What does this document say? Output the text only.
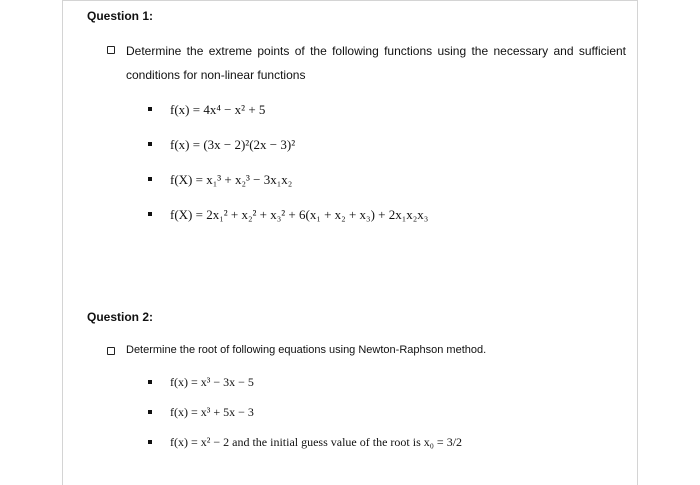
Question 1:

Determine the extreme points of the following functions using the necessary and sufficient conditions for non-linear functions

f(x) = 4x⁴ − x² + 5
f(x) = (3x − 2)²(2x − 3)²
f(X) = x₁³ + x₂³ − 3x₁x₂
f(X) = 2x₁² + x₂² + x₃² + 6(x₁ + x₂ + x₃) + 2x₁x₂x₃
Question 2:

Determine the root of following equations using Newton-Raphson method.

f(x) = x³ − 3x − 5
f(x) = x³ + 5x − 3
f(x) = x² − 2 and the initial guess value of the root is x₀ = 3/2
